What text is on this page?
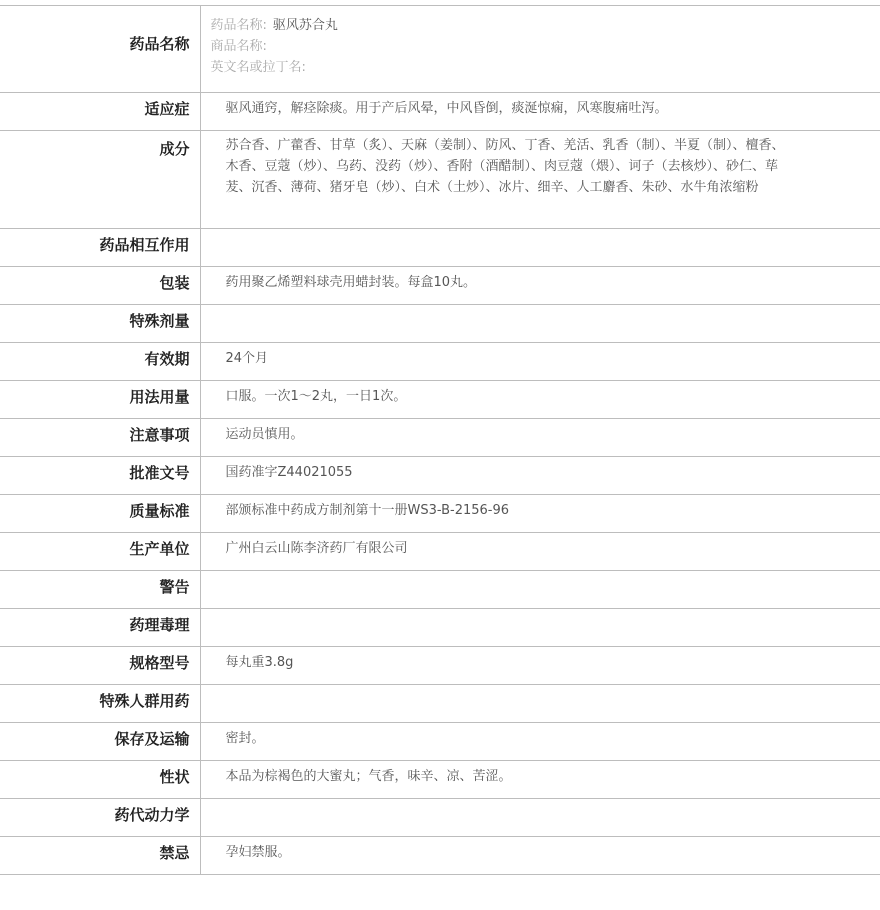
药品名称	药品名称: 驱风苏合丸
商品名称:
英文名或拉丁名:

适应症	驱风通窍，解痉除痰。用于产后风晕，中风昏倒，痰涎惊痫，风寒腹痛吐泻。
成分	苏合香、广藿香、甘草（炙）、天麻（姜制）、防风、丁香、羌活、乳香（制）、半夏（制）、檀香、木香、豆蔻（炒）、乌药、没药（炒）、香附（酒醋制）、肉豆蔻（煨）、诃子（去核炒）、砂仁、荜茇、沉香、薄荷、猪牙皂（炒）、白术（土炒）、冰片、细辛、人工麝香、朱砂、水牛角浓缩粉
药品相互作用	
包装	药用聚乙烯塑料球壳用蜡封装。每盒10丸。
特殊剂量	
有效期	24个月
用法用量	口服。一次1～2丸，一日1次。
注意事项	运动员慎用。
批准文号	国药准字Z44021055
质量标准	部颁标准中药成方制剂第十一册WS3-B-2156-96
生产单位	广州白云山陈李济药厂有限公司
警告	
药理毒理	
规格型号	每丸重3.8g
特殊人群用药	
保存及运输	密封。
性状	本品为棕褐色的大蜜丸；气香，味辛、凉、苦涩。
药代动力学	
禁忌	孕妇禁服。
